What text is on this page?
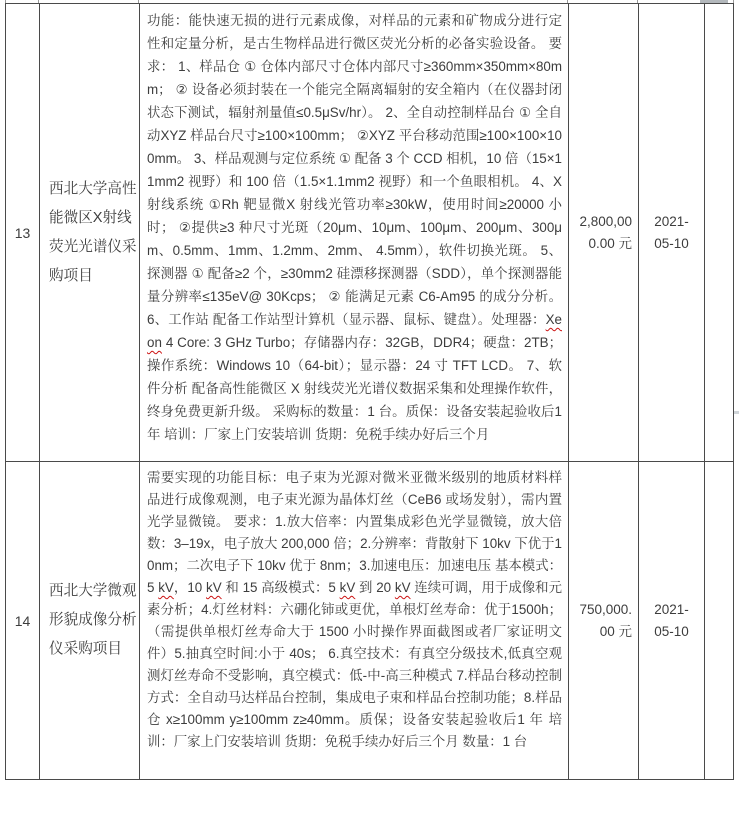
13
西北大学高性能微区X射线荧光光谱仪采购项目
功能：能快速无损的进行元素成像，对样品的元素和矿物成分进行定性和定量分析，是古生物样品进行微区荧光分析的必备实验设备。 要求： 1、样品仓 ① 仓体内部尺寸仓体内部尺寸≥360mm×350mm×80mm； ② 设备必须封装在一个能完全隔离辐射的安全箱内（在仪器封闭状态下测试，辐射剂量值≤0.5μSv/hr）。 2、全自动控制样品台 ① 全自动XYZ 样品台尺寸≥100×100mm； ②XYZ 平台移动范围≥100×100×100mm。 3、样品观测与定位系统 ① 配备 3 个 CCD 相机，10 倍（15×11mm2 视野）和 100 倍（1.5×1.1mm2 视野）和一个鱼眼相机。 4、X 射线系统 ①Rh 靶显微X 射线光管功率≥30kW，使用时间≥20000 小时； ②提供≥3 种尺寸光斑（20μm、10μm、100μm、200μm、300μm、0.5mm、1mm、1.2mm、2mm、 4.5mm），软件切换光斑。 5、探测器 ① 配备≥2 个，≥30mm2 硅漂移探测器（SDD），单个探测器能量分辨率≤135eV@ 30Kcps； ② 能满足元素 C6-Am95 的成分分析。 6、工作站 配备工作站型计算机（显示器、鼠标、键盘）。处理器：Xeon 4 Core: 3 GHz Turbo；存储器内存：32GB，DDR4；硬盘：2TB；操作系统：Windows 10（64-bit）；显示器：24 寸 TFT LCD。 7、软件分析 配备高性能微区 X 射线荧光光谱仪数据采集和处理操作软件，终身免费更新升级。 采购标的数量：1 台。质保：设备安装起验收后1年 培训：厂家上门安装培训 货期：免税手续办好后三个月
2,800,000.00 元
2021-05-10
14
西北大学微观形貌成像分析仪采购项目
需要实现的功能目标：电子束为光源对微米亚微米级别的地质材料样品进行成像观测，电子束光源为晶体灯丝（CeB6 或场发射），需内置光学显微镜。 要求：1.放大倍率：内置集成彩色光学显微镜，放大倍数：3–19x，电子放大 200,000 倍；2.分辨率：背散射下 10kv 下优于10nm；二次电子下 10kv 优于 8nm；3.加速电压：加速电压 基本模式：5 kV，10 kV 和 15 高级模式：5 kV 到 20 kV 连续可调，用于成像和元素分析；4.灯丝材料：六硼化铈或更优，单根灯丝寿命：优于1500h；（需提供单根灯丝寿命大于 1500 小时操作界面截图或者厂家证明文件）5.抽真空时间:小于 40s； 6.真空技术：有真空分级技术,低真空观测灯丝寿命不受影响，真空模式：低-中-高三种模式 7.样品台移动控制方式：全自动马达样品台控制，集成电子束和样品台控制功能；8.样品仓 x≥100mm y≥100mm z≥40mm。质保；设备安装起验收后1 年 培训：厂家上门安装培训 货期：免税手续办好后三个月 数量：1 台
750,000.00 元
2021-05-10
